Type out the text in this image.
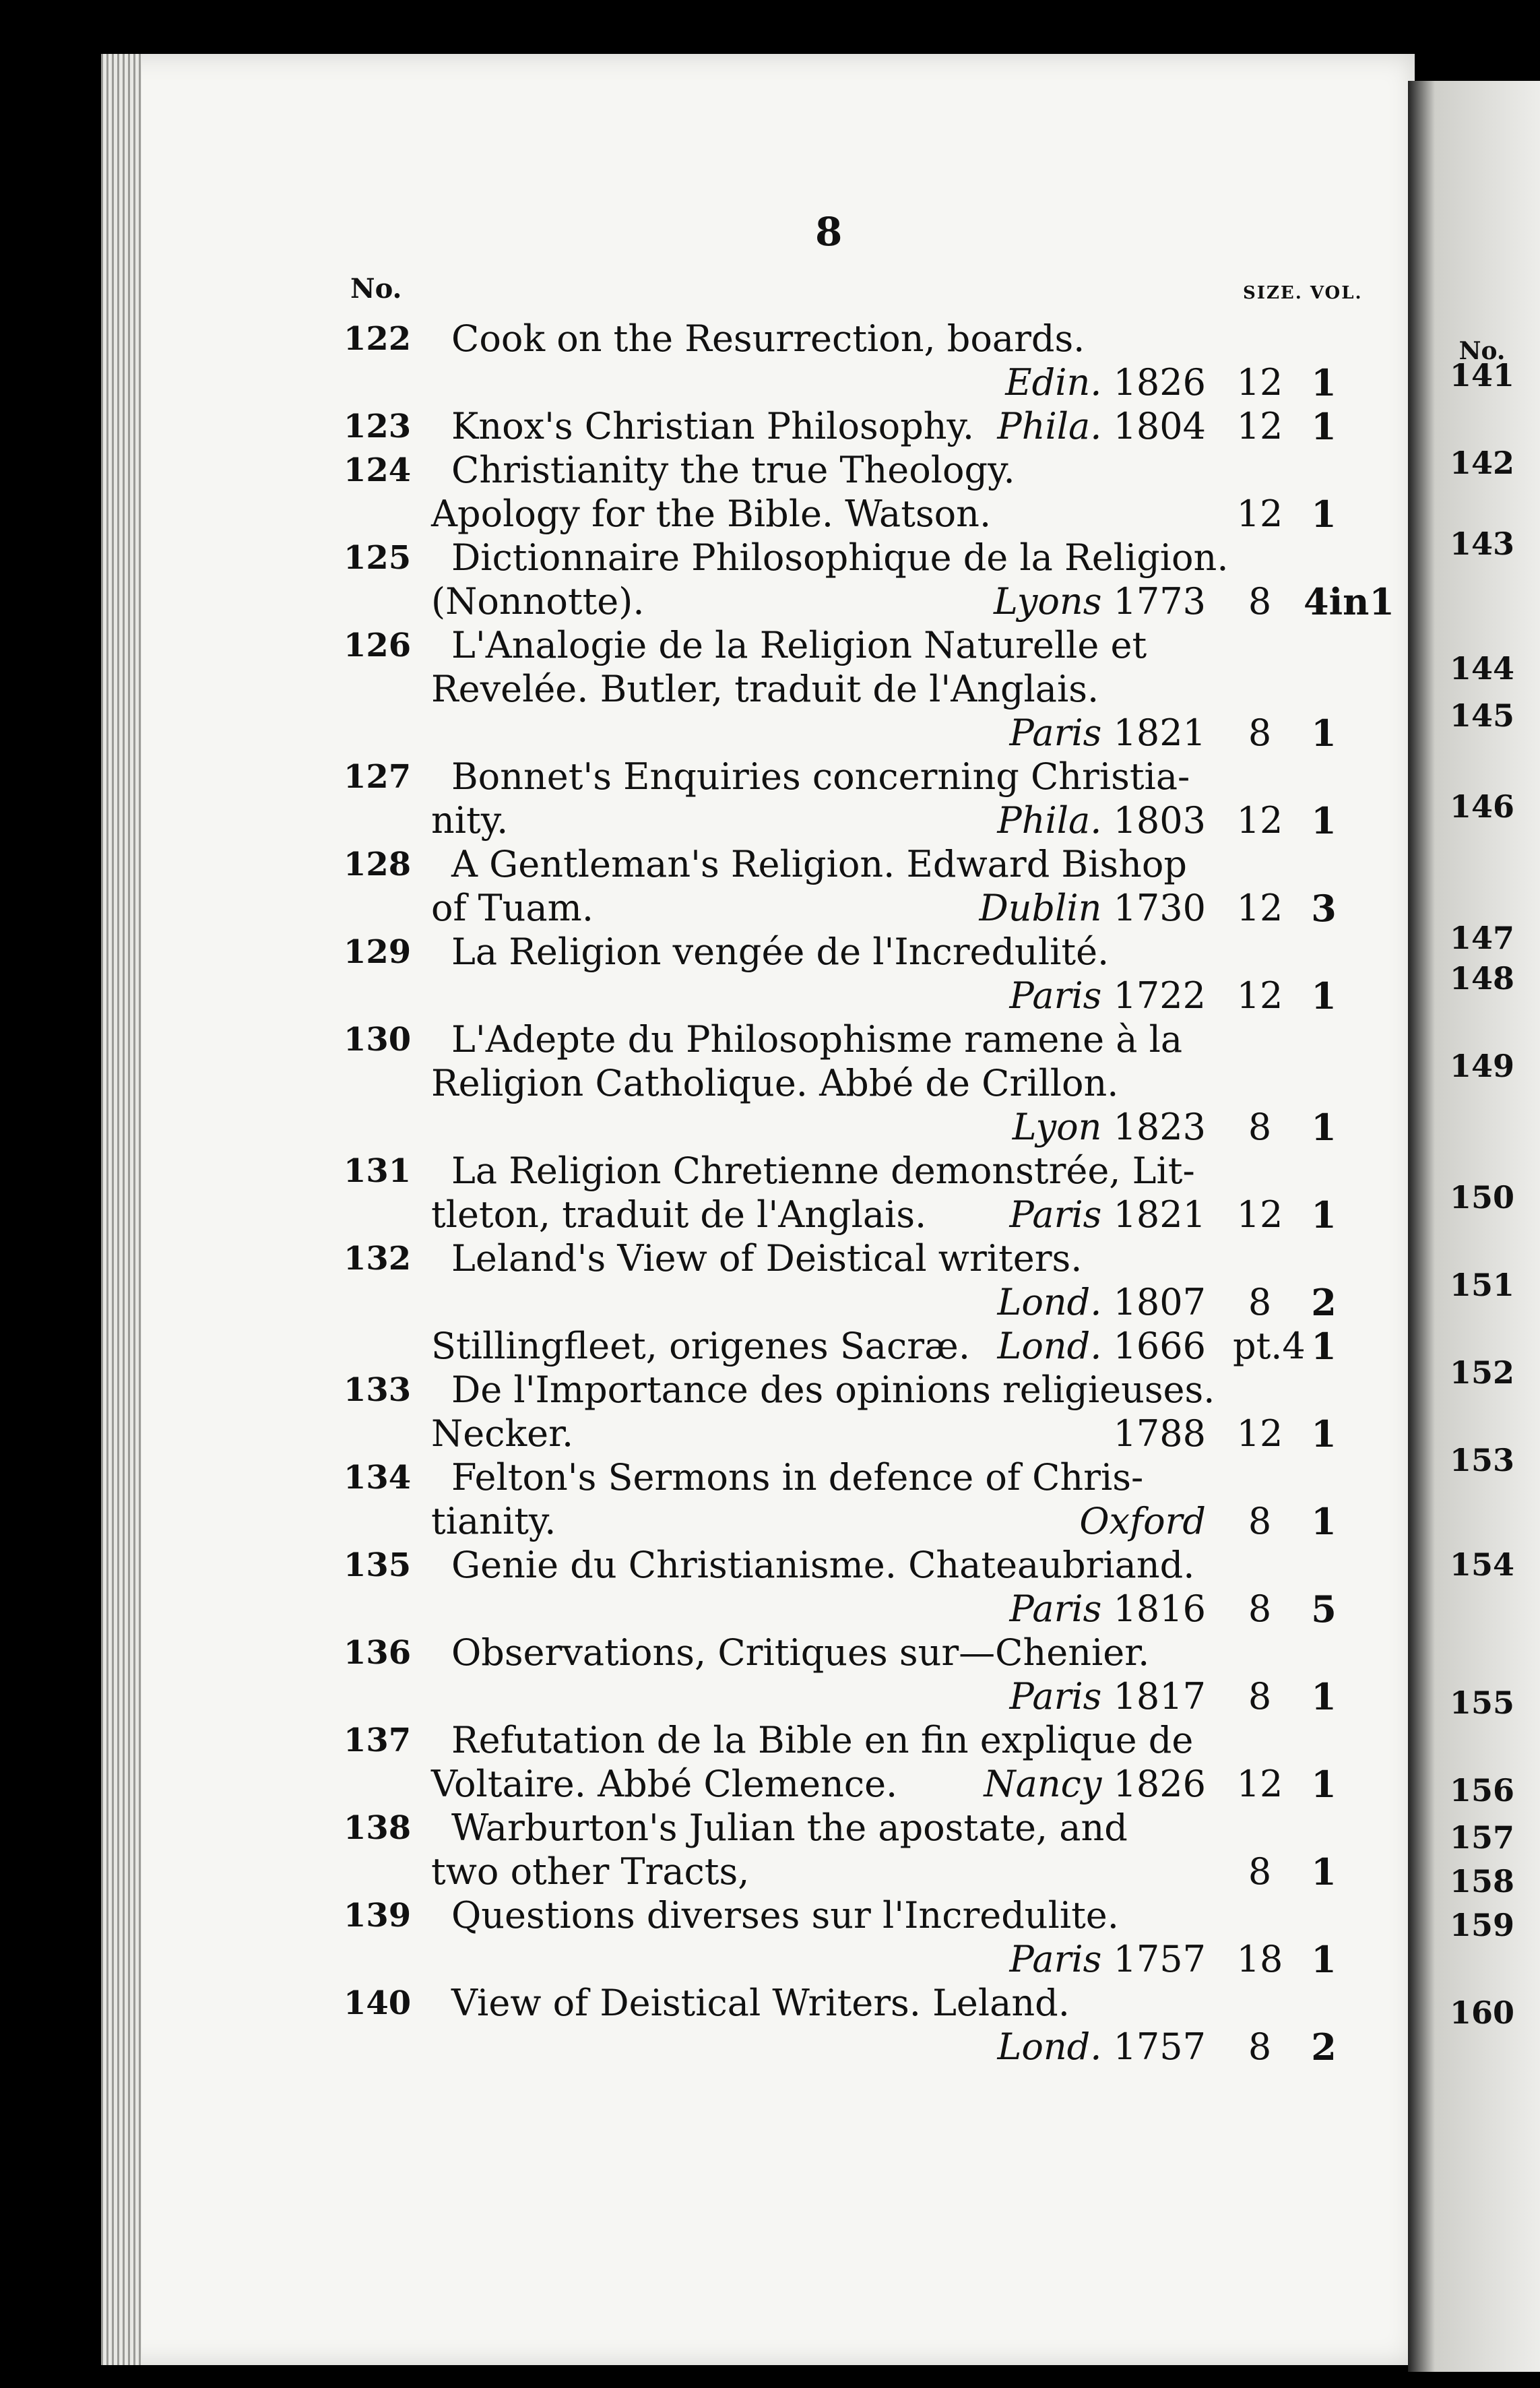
8
No.	SIZE. VOL.
122 Cook on the Resurrection, boards.
Edin. 1826 12 1
123 Knox's Christian Philosophy. Phila. 1804 12 1
124 Christianity the true Theology.
Apology for the Bible. Watson.	12 1
125 Dictionnaire Philosophique de la Religion.
(Nonnotte).	Lyons 1773	8 4in1
126 L'Analogie de la Religion Naturelle et
Revelée. Butler, traduit de l'Anglais.
Paris 1821	8	1
127 Bonnet's Enquiries concerning Christia-
nity.	Phila. 1803 12 1
128 A Gentleman's Religion. Edward Bishop
of Tuam.	Dublin 1730 12 3
129 La Religion vengée de l'Incredulité.
Paris 1722 12 1
130 L'Adepte du Philosophisme ramene à la
Religion Catholique. Abbé de Crillon.
Lyon 1823	8	1
131 La Religion Chretienne demonstrée, Lit-
tleton, traduit de l'Anglais. Paris 1821 12 1
132 Leland's View of Deistical writers.
Lond. 1807	8	2
Stillingfleet, origenes Sacræ. Lond. 1666 pt.4 1
133 De l'Importance des opinions religieuses.
Necker.	1788 12 1
134 Felton's Sermons in defence of Chris-
tianity.	Oxford	8	1
135 Genie du Christianisme. Chateaubriand.
Paris 1816	8	5
136 Observations, Critiques sur—Chenier.
Paris 1817	8	1
137 Refutation de la Bible en fin explique de
Voltaire. Abbé Clemence. Nancy 1826 12 1
138 Warburton's Julian the apostate, and
two other Tracts,	8	1
139 Questions diverses sur l'Incredulite.
Paris 1757 18 1
140 View of Deistical Writers. Leland.
Lond. 1757	8	2
141
142
143
144
145
146
147
148
149
150
151
152
153
154
155
156
157
158
159
160
No.
